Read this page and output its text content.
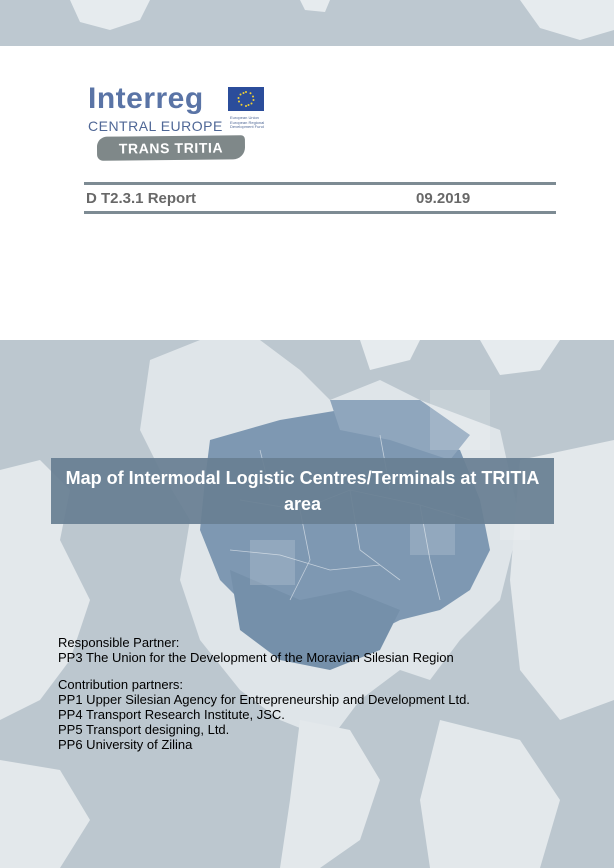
Interreg
CENTRAL EUROPE
European Union European Regional Development Fund
TRANS TRITIA
D T2.3.1 Report	09.2019
Map of Intermodal Logistic Centres/Terminals at TRITIA area
Responsible Partner:
PP3 The Union for the Development of the Moravian Silesian Region
Contribution partners:
PP1 Upper Silesian Agency for Entrepreneurship and Development Ltd.
PP4 Transport Research Institute, JSC.
PP5 Transport designing, Ltd.
PP6 University of Zilina
